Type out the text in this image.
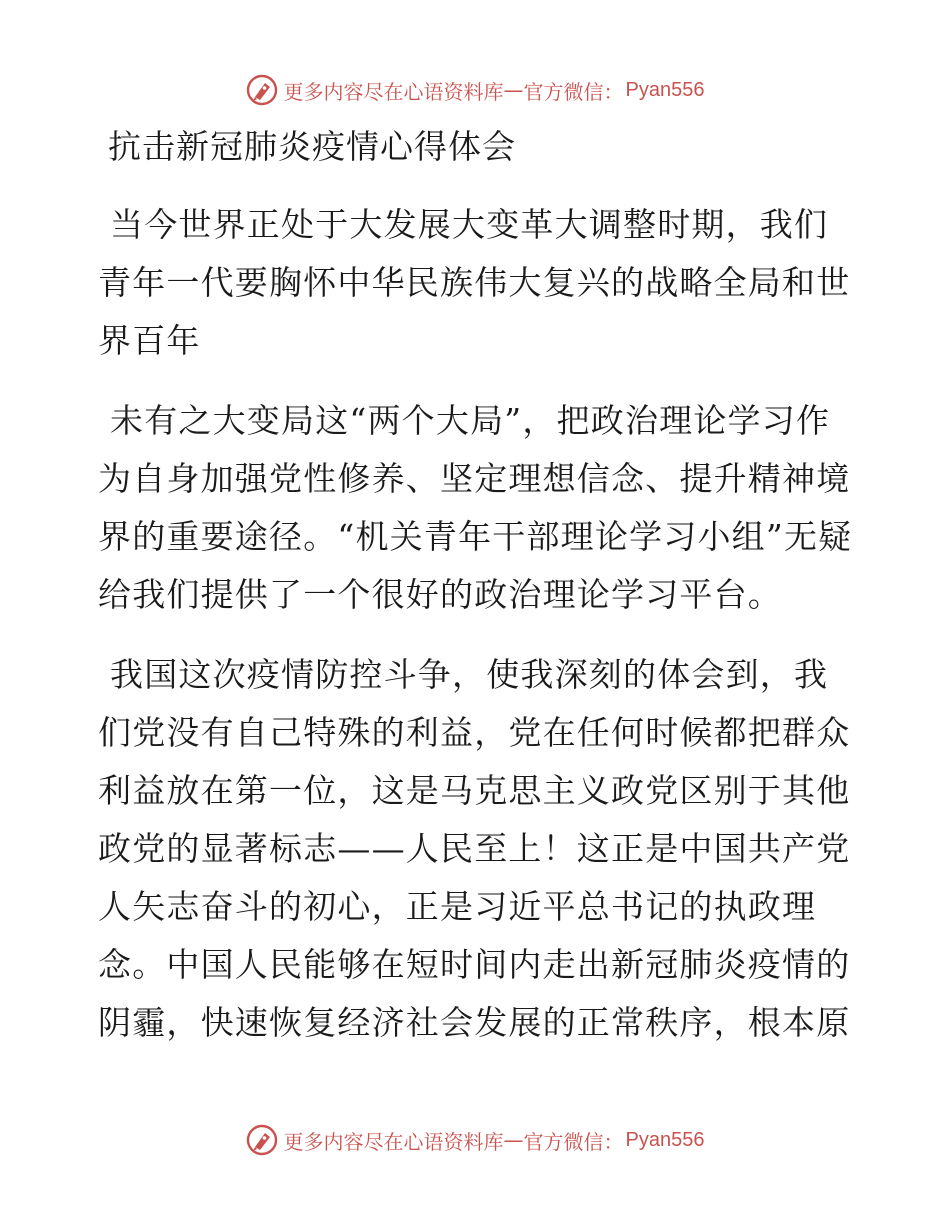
更多内容尽在心语资料库 — 官方微信： Pyan556
抗击新冠肺炎疫情心得体会

当今世界正处于大发展大变革大调整时期，我们青年一代要胸怀中华民族伟大复兴的战略全局和世界百年

未有之大变局这“两个大局”，把政治理论学习作为自身加强党性修养、坚定理想信念、提升精神境界的重要途径。“机关青年干部理论学习小组”无疑给我们提供了一个很好的政治理论学习平台。

我国这次疫情防控斗争，使我深刻的体会到，我们党没有自己特殊的利益，党在任何时候都把群众利益放在第一位，这是马克思主义政党区别于其他政党的显著标志——人民至上！这正是中国共产党人矢志奋斗的初心，正是习近平总书记的执政理念。中国人民能够在短时间内走出新冠肺炎疫情的阴霾，快速恢复经济社会发展的正常秩序，根本原

更多内容尽在心语资料库 — 官方微信： Pyan556
